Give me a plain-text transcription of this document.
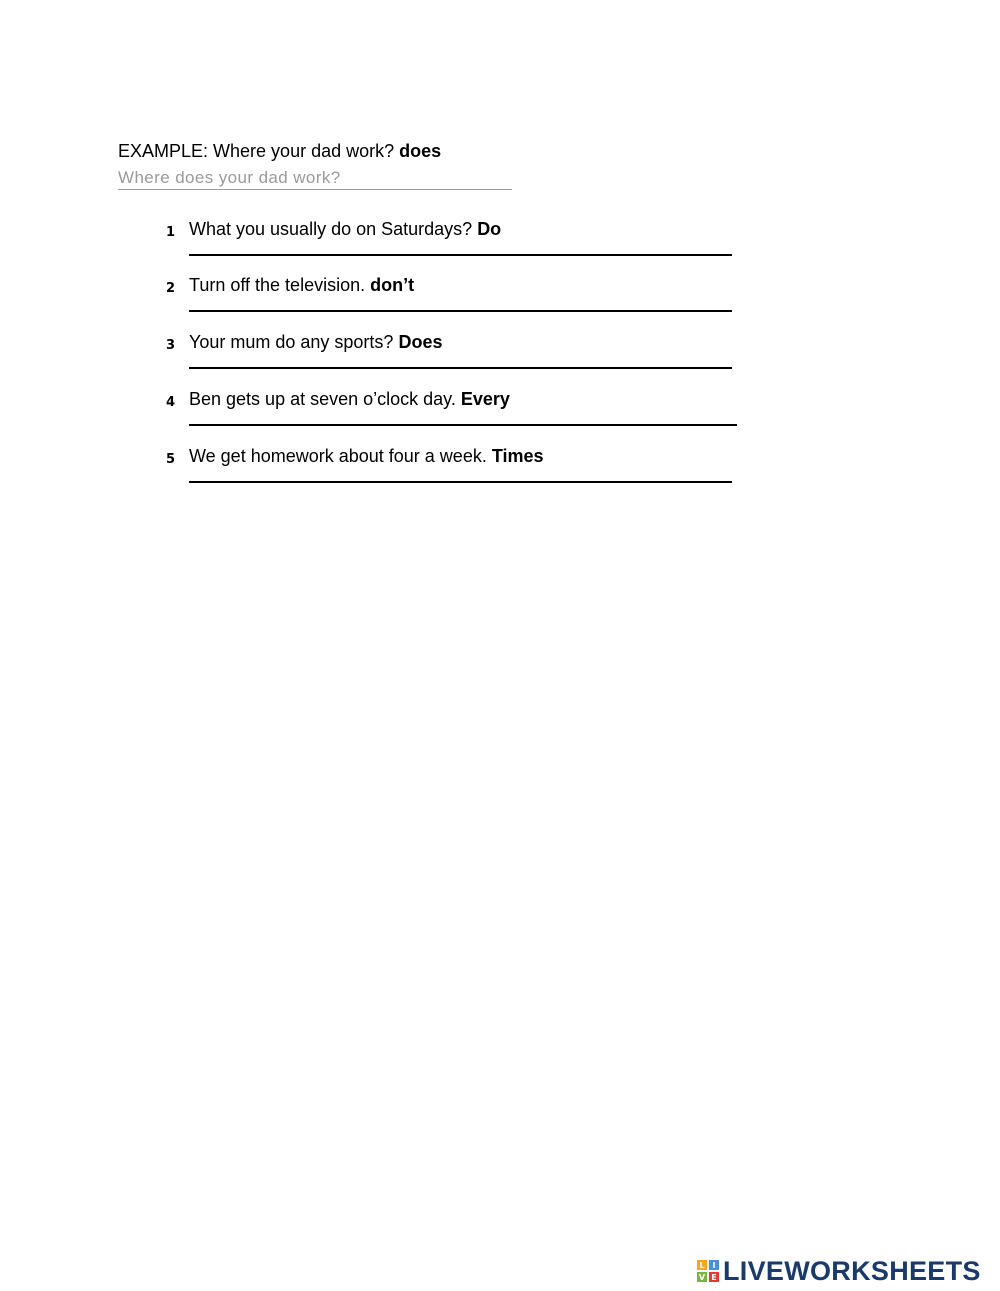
EXAMPLE: Where your dad work? does
Where does your dad work?
1 What you usually do on Saturdays? Do
2 Turn off the television. don’t
3 Your mum do any sports? Does
4 Ben gets up at seven o’clock day. Every
5 We get homework about four a week. Times
L I
V E LIVEWORKSHEETS
